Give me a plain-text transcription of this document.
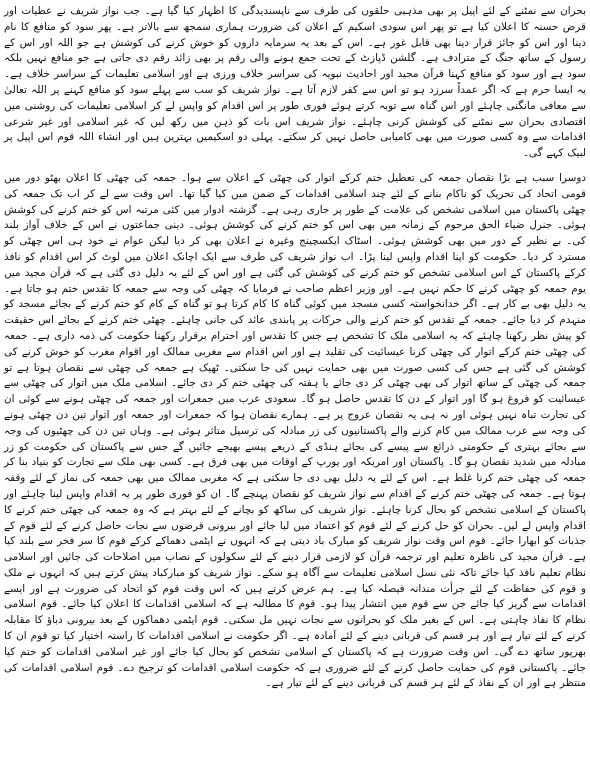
بحران سے نمٹنے کے لئے اپیل پر بھی مذہبی حلقوں کی طرف سے ناپسندیدگی کا اظہار کیا گیا ہے۔ جب نواز شریف نے عطیات اور قرض حسنہ کا اعلان کیا ہے تو پھر اس سودی اسکیم کے اعلان کی ضرورت ہماری سمجھ سے بالاتر ہے۔ پھر سود کو منافع کا نام دینا اور اس کو جائز قرار دینا بھی قابل غور ہے۔ اس کے بعد یہ سرمایہ داروں کو خوش کرنے کی کوشش ہے جو اللہ اور اس کے رسول کے ساتھ جنگ کے مترادف ہے۔ گلشن ڈپازٹ کے تحت جمع ہونے والی رقم پر بھی زائد رقم دی جاتی ہے جو منافع نہیں بلکہ سود ہے اور سود کو منافع کہنا قرآن مجید اور احادیث نبویہ کی سراسر خلاف ورزی ہے اور اسلامی تعلیمات کے سراسر خلاف ہے۔ یہ ایسا جرم ہے کہ اگر عمداً سرزد ہو تو اس سے کفر لازم آتا ہے۔ نواز شریف کو سب سے پہلے سود کو منافع کہنے پر اللہ تعالیٰ سے معافی مانگنی چاہئے اور اس گناہ سے توبہ کرتے ہوئے فوری طور پر اس اقدام کو واپس لے کر اسلامی تعلیمات کی روشنی میں اقتصادی بحران سے نمٹنے کی کوشش کرنی چاہئے۔ نواز شریف اس بات کو ذہن میں رکھ لیں کہ غیر اسلامی اور غیر شرعی اقدامات سے وہ کسی صورت میں بھی کامیابی حاصل نہیں کر سکتے۔ پہلی دو اسکیمیں بہترین ہیں اور انشاء اللہ قوم اس اپیل پر لبیک کہے گی۔

دوسرا سبب ہے بڑا نقصان جمعہ کی تعطیل ختم کرکے اتوار کی چھٹی کے اعلان سے ہوا۔ جمعہ کی چھٹی کا اعلان بھٹو دور میں قومی اتحاد کی تحریک کو ناکام بنانے کے لئے چند اسلامی اقدامات کے ضمن میں کیا گیا تھا۔ اس وقت سے لے کر اب تک جمعہ کی چھٹی پاکستان میں اسلامی تشخص کی علامت کے طور پر جاری رہی ہے۔ گزشتہ ادوار میں کئی مرتبہ اس کو ختم کرنے کی کوشش ہوئی۔ جنرل ضیاء الحق مرحوم کے زمانہ میں بھی اس کو ختم کرنے کی کوشش ہوئی۔ دینی جماعتوں نے اس کے خلاف آواز بلند کی۔ بے نظیر کے دور میں بھی کوشش ہوئی۔ اسٹاک ایکسچینج وغیرہ نے اعلان بھی کر دیا لیکن عوام نے خود ہی اس چھٹی کو مسترد کر دیا۔ حکومت کو اپنا اقدام واپس لینا پڑا۔ اب نواز شریف کی طرف سے ایک اچانک اعلان میں لوٹ کر اس اقدام کو نافذ کرکے پاکستان کے اس اسلامی تشخص کو ختم کرنے کی کوشش کی گئی ہے اور اس کے لئے یہ دلیل دی گئی ہے کہ قرآن مجید میں یوم جمعہ کو چھٹی کرنے کا حکم نہیں ہے۔ اور وزیر اعظم صاحب نے فرمایا کہ چھٹی کی وجہ سے جمعہ کا تقدس ختم ہو جاتا ہے۔ یہ دلیل بھی بے کار ہے۔ اگر خدانخواستہ کسی مسجد میں کوئی گناہ کا کام کرتا ہو تو گناہ کے کام کو ختم کرنے کے بجائے مسجد کو منہدم کر دیا جائے۔ جمعہ کے تقدس کو ختم کرنے والی حرکات پر پابندی عائد کی جانی چاہئے۔ چھٹی ختم کرنے کے بجائے اس حقیقت کو پیش نظر رکھنا چاہئے کہ یہ اسلامی ملک کا تشخص ہے جس کا تقدس اور احترام برقرار رکھنا حکومت کی ذمہ داری ہے۔ جمعہ کی چھٹی ختم کرکے اتوار کی چھٹی کرنا عیسائیت کی تقلید ہے اور اس اقدام سے مغربی ممالک اور اقوام مغرب کو خوش کرنے کی کوشش کی گئی ہے جس کی کسی صورت میں بھی حمایت نہیں کی جا سکتی۔ ٹھیک ہے جمعہ کی چھٹی سے نقصان ہوتا ہے تو جمعہ کی چھٹی کے ساتھ اتوار کی بھی چھٹی کر دی جائے یا ہفتہ کی چھٹی ختم کر دی جائے۔ اسلامی ملک میں اتوار کی چھٹی سے عیسائیت کو فروغ ہو گا اور اتوار کے دن کا تقدس حاصل ہو گا۔ سعودی عرب میں جمعرات اور جمعہ کی چھٹی ہونے سے کوئی ان کی تجارت تباہ نہیں ہوئی اور نہ ہی یہ نقصان عروج پر ہے۔ ہمارے نقصان ہوا کہ جمعرات اور جمعہ اور اتوار تین دن چھٹی ہونے کی وجہ سے عرب ممالک میں کام کرنے والے پاکستانیوں کی زر مبادلہ کی ترسیل متاثر ہوئی ہے۔ وہاں تین دن کی چھٹیوں کی وجہ سے بجائے بہتری کے حکومتی ذرائع سے پیسے کی بجائے ہنڈی کے ذریعے پیسے بھیجے جائیں گے جس سے پاکستان کی حکومت کو زر مبادلہ میں شدید نقصان ہو گا۔ پاکستان اور امریکہ اور یورپ کے اوقات میں بھی فرق ہے۔ کسی بھی ملک سے تجارت کو بنیاد بنا کر جمعہ کی چھٹی ختم کرنا غلط ہے۔ اس کے لئے یہ دلیل بھی دی جا سکتی ہے کہ مغربی ممالک میں بھی جمعہ کی نماز کے لئے وقفہ ہوتا ہے۔ جمعہ کی چھٹی ختم کرنے کے اقدام سے نواز شریف کو نقصان پہنچے گا۔ ان کو فوری طور پر یہ اقدام واپس لینا چاہئے اور پاکستان کے اسلامی تشخص کو بحال کرنا چاہئے۔ نواز شریف کی ساکھ کو بچانے کے لئے بہتر ہے کہ وہ جمعہ کی چھٹی ختم کرنے کا اقدام واپس لے لیں۔ بحران کو حل کرنے کے لئے قوم کو اعتماد میں لیا جائے اور بیرونی قرضوں سے نجات حاصل کرنے کے لئے قوم کے جذبات کو ابھارا جائے۔ قوم اس وقت نواز شریف کو مبارک باد دیتی ہے کہ انہوں نے ایٹمی دھماکے کرکے قوم کا سر فخر سے بلند کیا ہے۔ قرآن مجید کی ناظرہ تعلیم اور ترجمہ قرآن کو لازمی قرار دینے کے لئے سکولوں کے نصاب میں اصلاحات کی جائیں اور اسلامی نظام تعلیم نافذ کیا جائے تاکہ نئی نسل اسلامی تعلیمات سے آگاہ ہو سکے۔ نواز شریف کو مبارکباد پیش کرتے ہیں کہ انہوں نے ملک و قوم کی حفاظت کے لئے جرأت مندانہ فیصلہ کیا ہے۔ ہم عرض کرتے ہیں کہ اس وقت قوم کو اتحاد کی ضرورت ہے اور ایسے اقدامات سے گریز کیا جائے جن سے قوم میں انتشار پیدا ہو۔ قوم کا مطالبہ ہے کہ اسلامی اقدامات کا اعلان کیا جائے۔ قوم اسلامی نظام کا نفاذ چاہتی ہے۔ اس کے بغیر ملک کو بحرانوں سے نجات نہیں مل سکتی۔ قوم ایٹمی دھماکوں کے بعد بیرونی دباؤ کا مقابلہ کرنے کے لئے تیار ہے اور ہر قسم کی قربانی دینے کے لئے آمادہ ہے۔ اگر حکومت نے اسلامی اقدامات کا راستہ اختیار کیا تو قوم ان کا بھرپور ساتھ دے گی۔ اس وقت ضرورت ہے کہ پاکستان کے اسلامی تشخص کو بحال کیا جائے اور غیر اسلامی اقدامات کو ختم کیا جائے۔ پاکستانی قوم کی حمایت حاصل کرنے کے لئے ضروری ہے کہ حکومت اسلامی اقدامات کو ترجیح دے۔ قوم اسلامی اقدامات کی منتظر ہے اور ان کے نفاذ کے لئے ہر قسم کی قربانی دینے کے لئے تیار ہے۔
